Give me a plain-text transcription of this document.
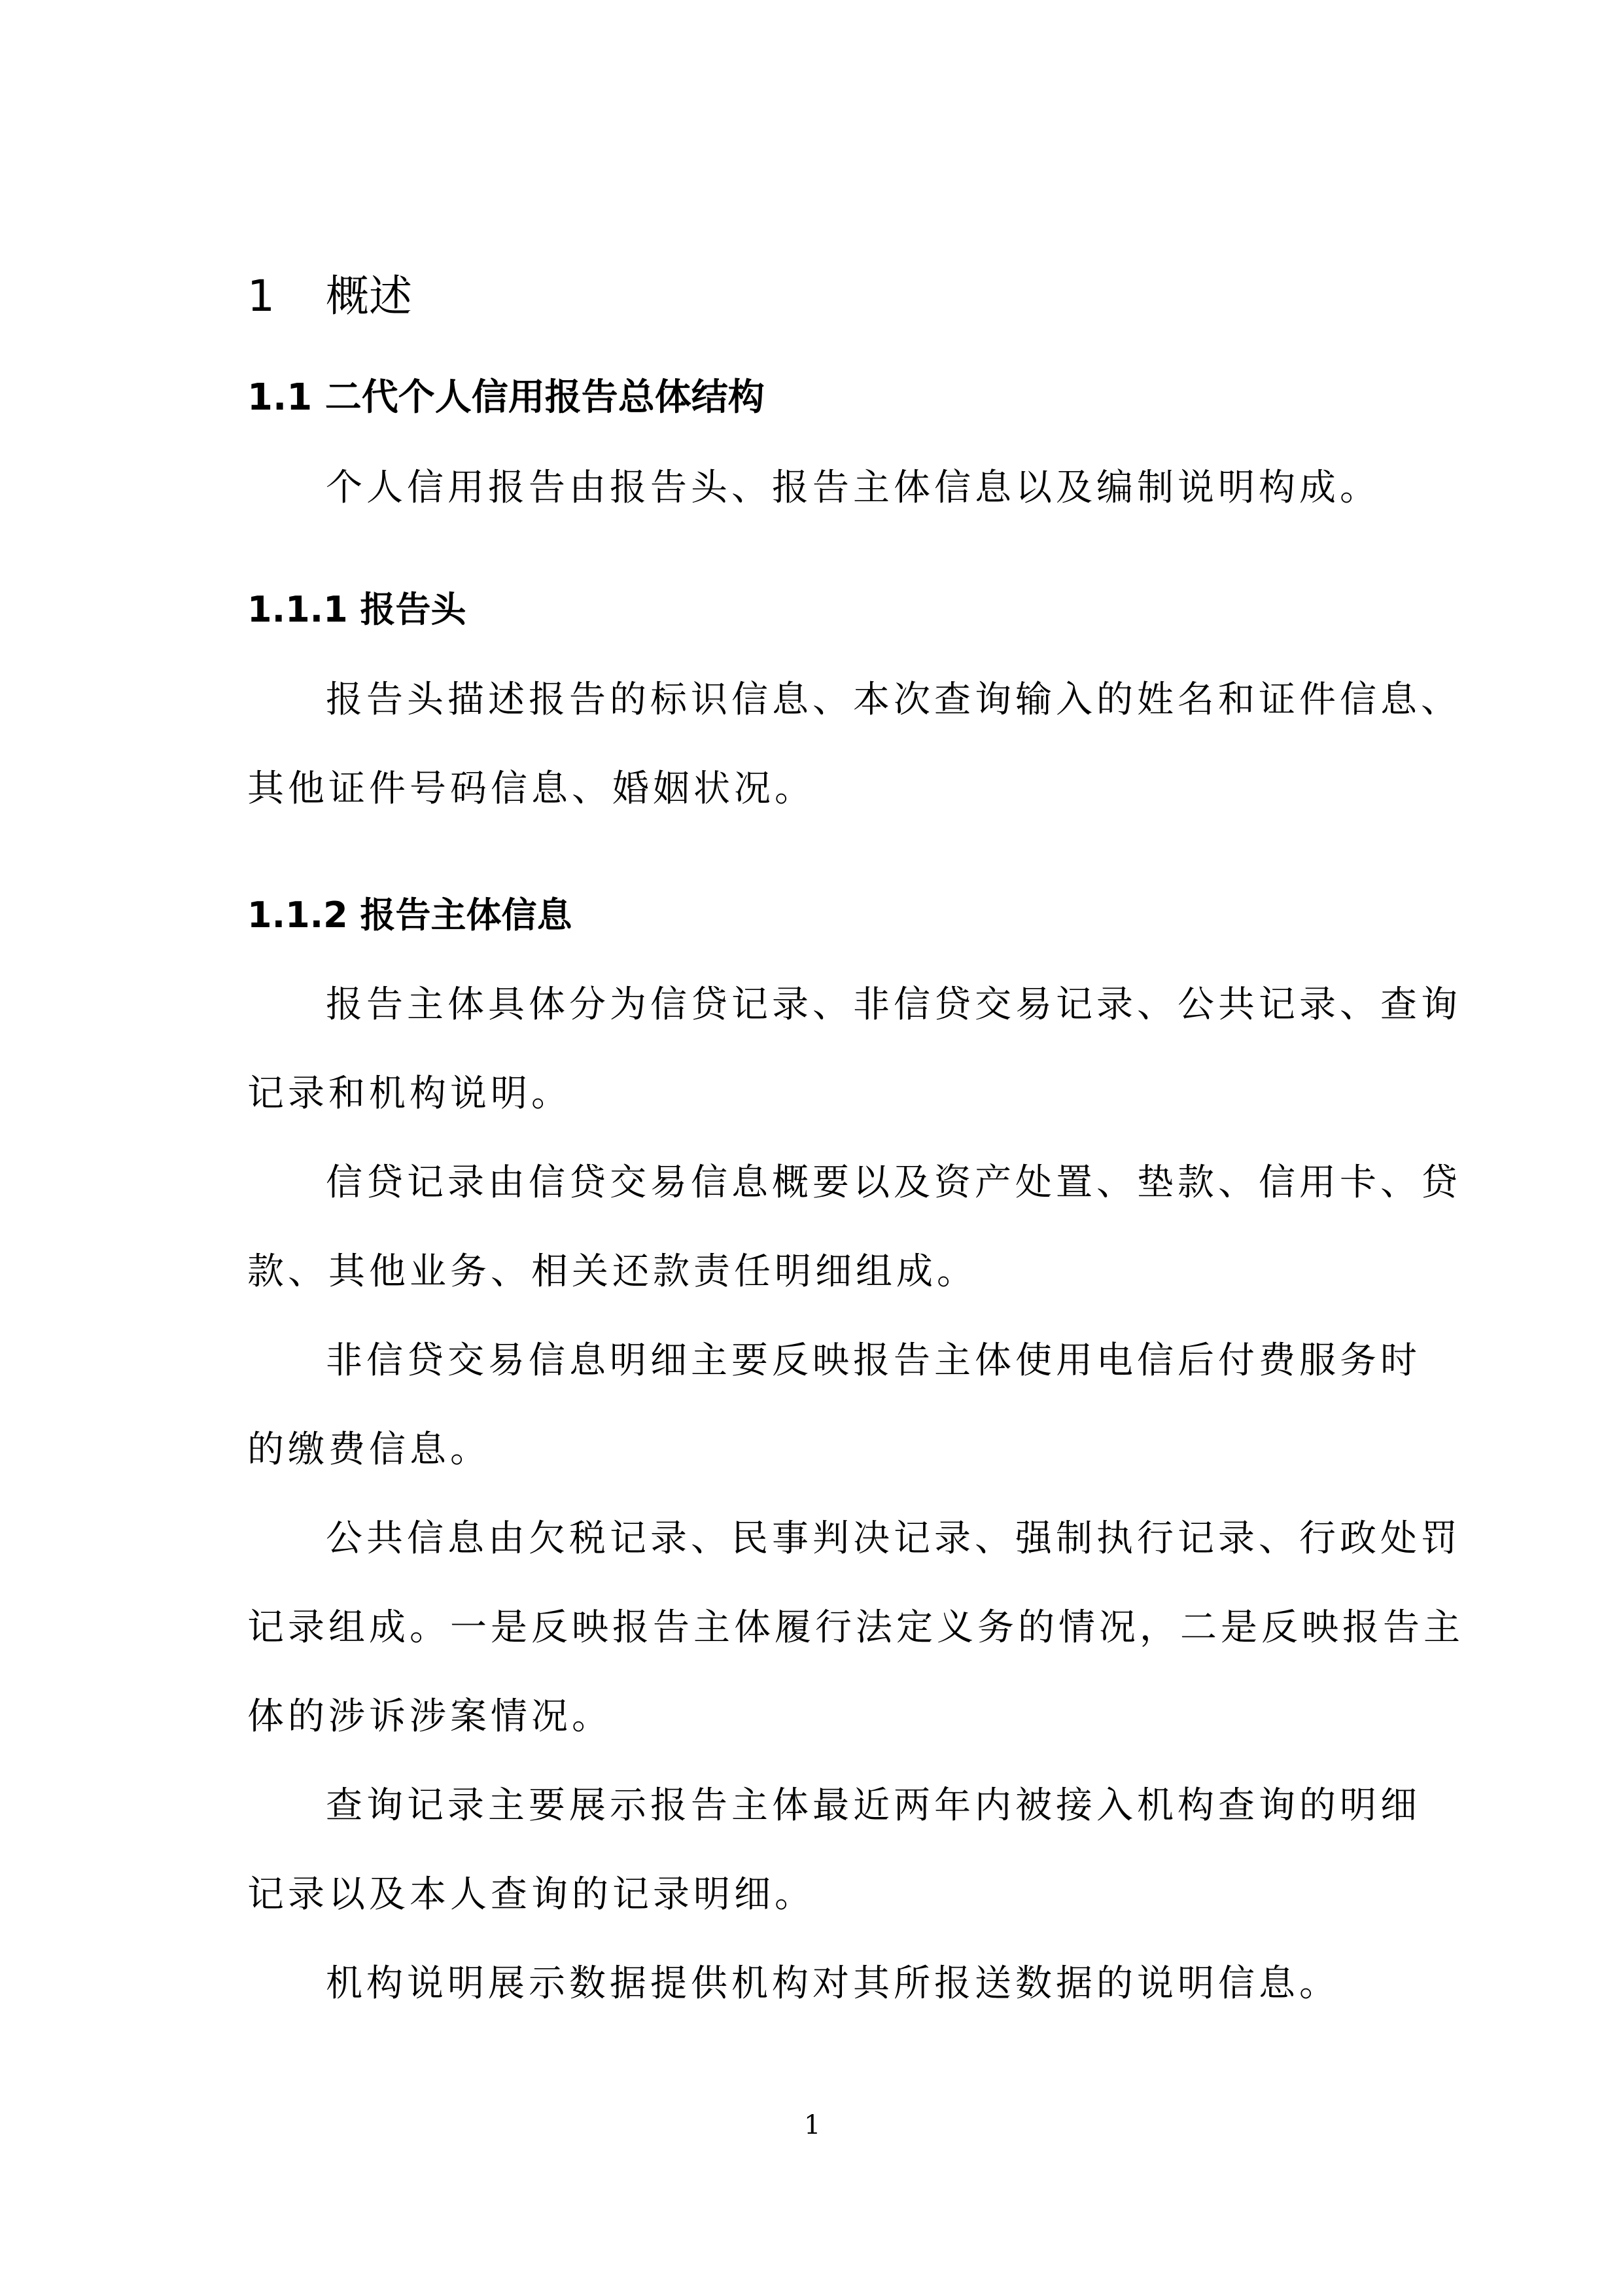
1 概述
1.1 二代个人信用报告总体结构

个人信用报告由报告头、报告主体信息以及编制说明构成。

1.1.1 报告头

报告头描述报告的标识信息、本次查询输入的姓名和证件信息、

其他证件号码信息、婚姻状况。

1.1.2 报告主体信息

报告主体具体分为信贷记录、非信贷交易记录、公共记录、查询

记录和机构说明。

信贷记录由信贷交易信息概要以及资产处置、垫款、信用卡、贷

款、其他业务、相关还款责任明细组成。

非信贷交易信息明细主要反映报告主体使用电信后付费服务时

的缴费信息。

公共信息由欠税记录、民事判决记录、强制执行记录、行政处罚

记录组成。一是反映报告主体履行法定义务的情况，二是反映报告主

体的涉诉涉案情况。

查询记录主要展示报告主体最近两年内被接入机构查询的明细

记录以及本人查询的记录明细。

机构说明展示数据提供机构对其所报送数据的说明信息。

1
